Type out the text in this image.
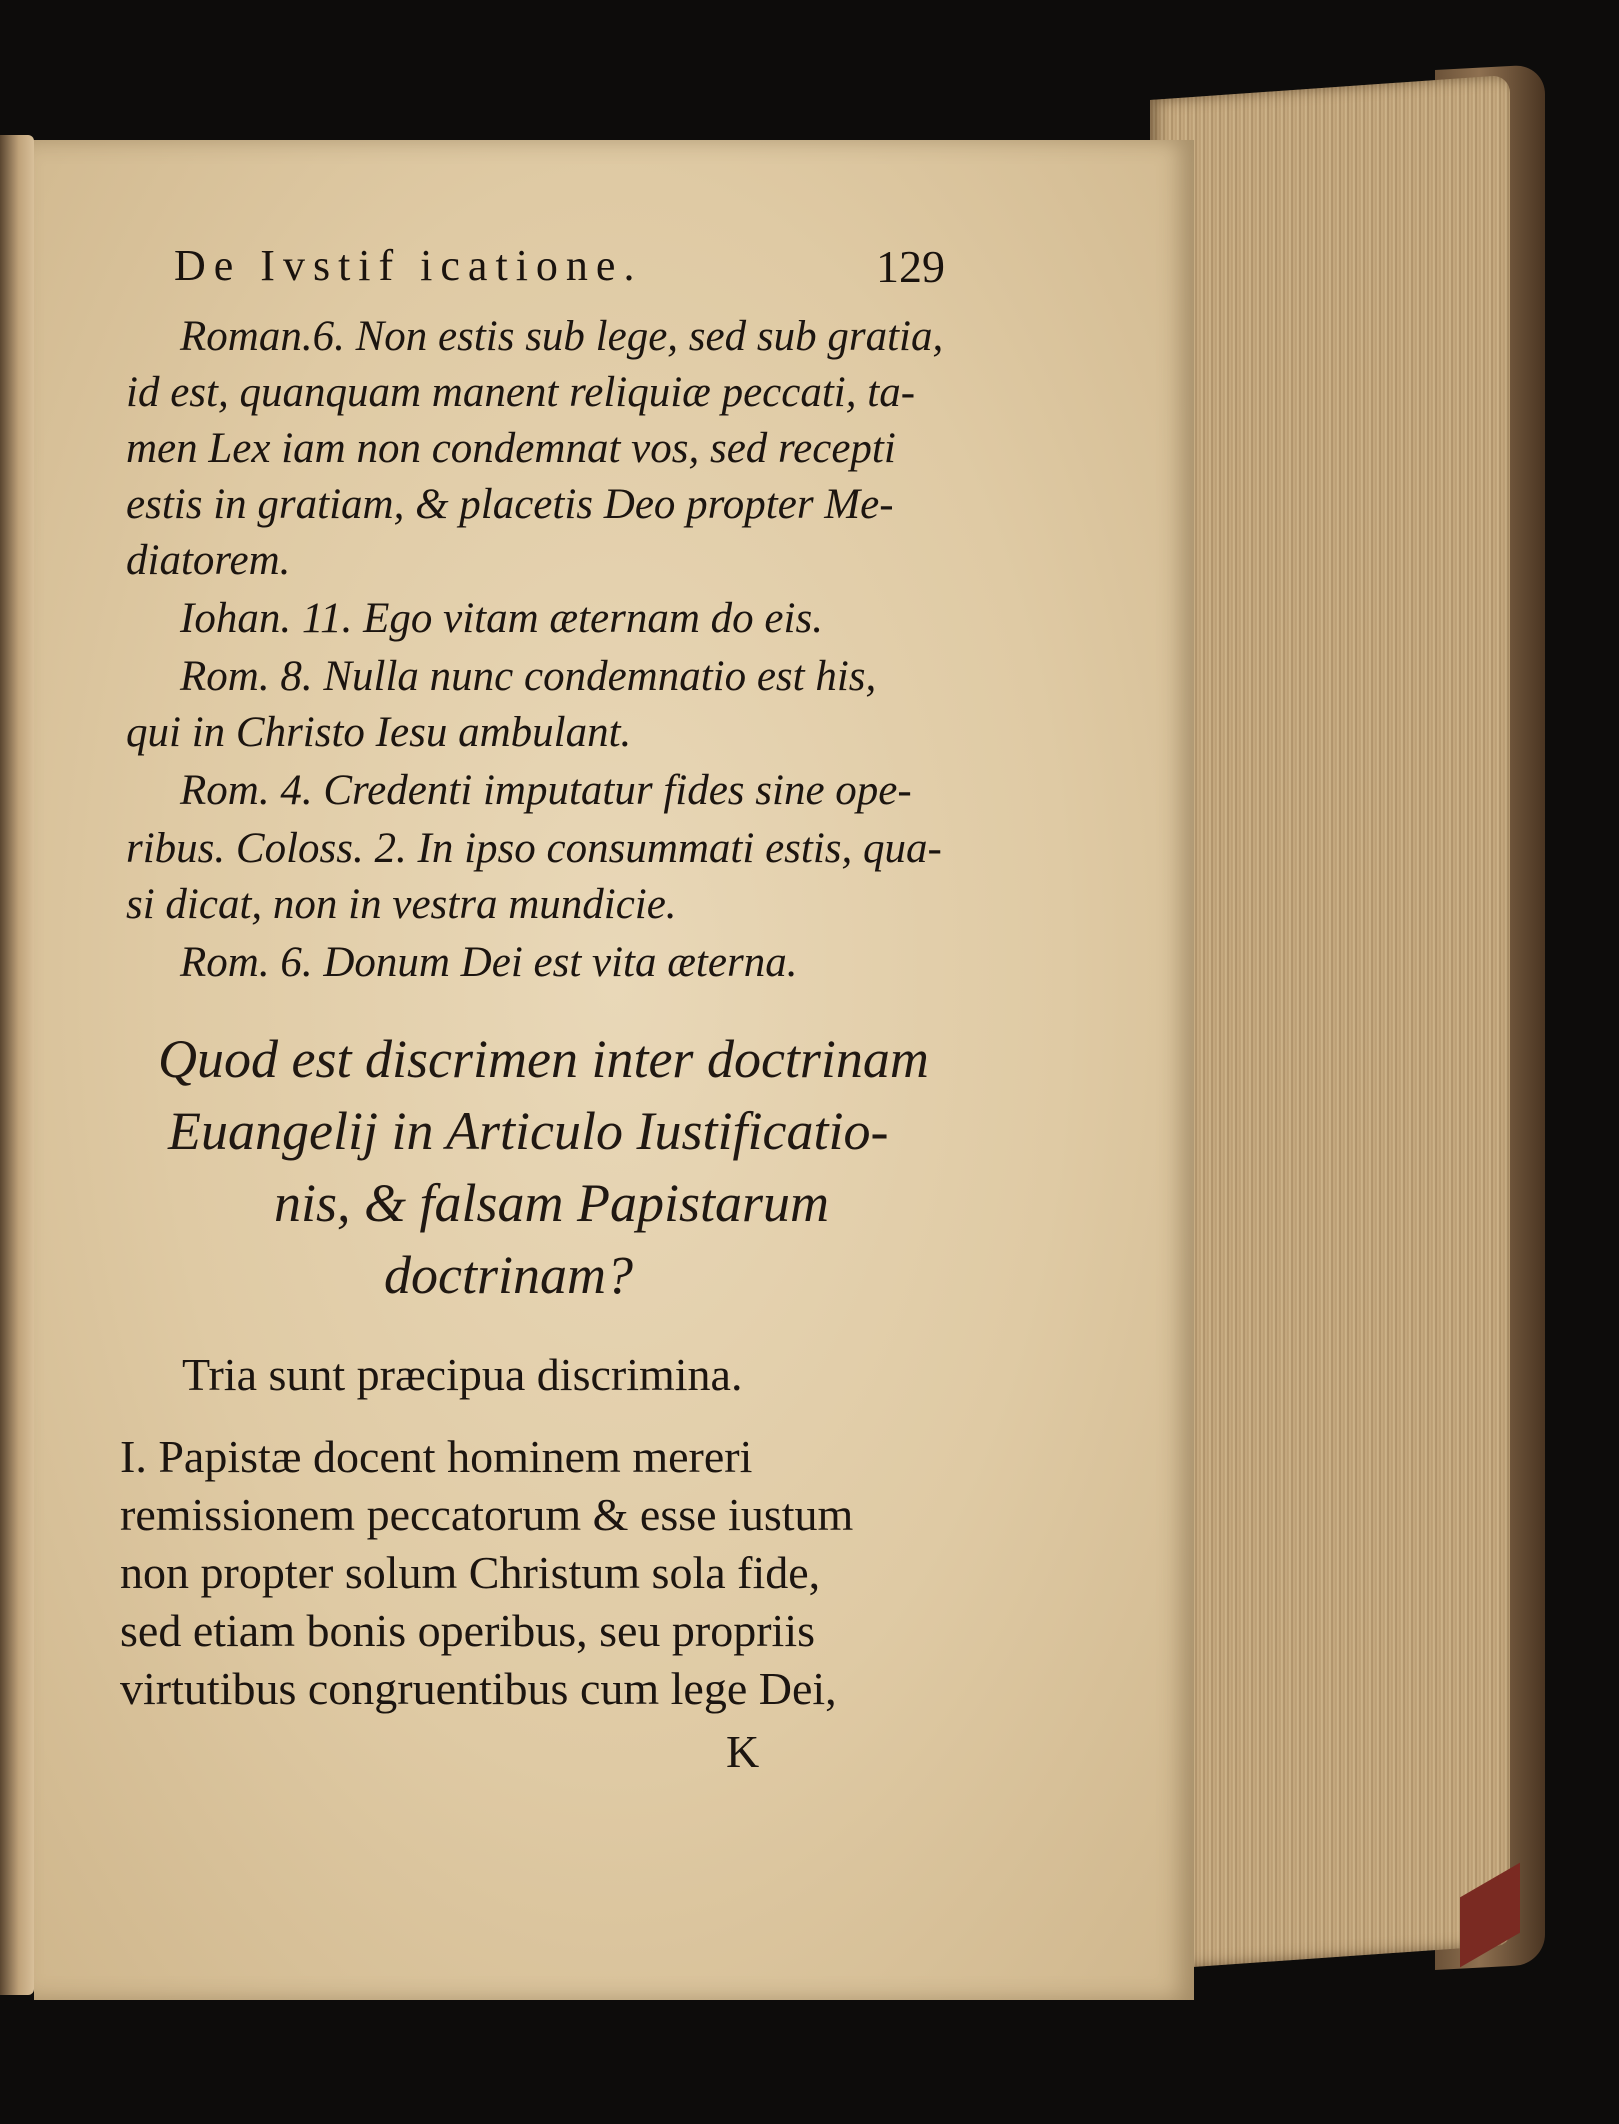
De Ivstif icatione.	129
Roman.6. Non estis sub lege, sed sub gratia,
id est, quanquam manent reliquiæ peccati, ta-
men Lex iam non condemnat vos, sed recepti
estis in gratiam, & placetis Deo propter Me-
diatorem.
Iohan. 11. Ego vitam æternam do eis.
Rom. 8. Nulla nunc condemnatio est his,
qui in Christo Iesu ambulant.
Rom. 4. Credenti imputatur fides sine ope-
ribus. Coloss. 2. In ipso consummati estis, qua-
si dicat, non in vestra mundicie.
Rom. 6. Donum Dei est vita æterna.
Quod est discrimen inter doctrinam
Euangelij in Articulo Iustificatio-
nis, & falsam Papistarum
doctrinam?
Tria sunt præcipua discrimina.
I. Papistæ docent hominem mereri
remissionem peccatorum & esse iustum
non propter solum Christum sola fide,
sed etiam bonis operibus, seu propriis
virtutibus congruentibus cum lege Dei,
K
